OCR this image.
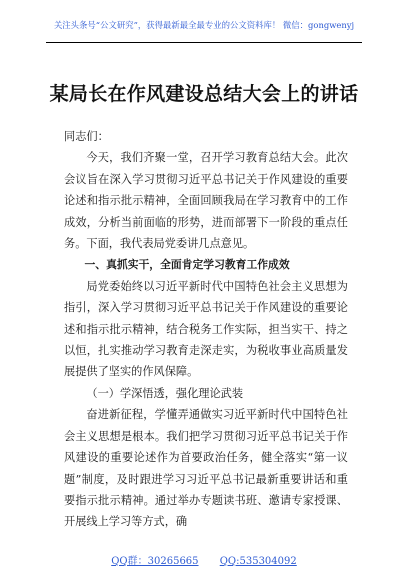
关注头条号“公文研究”，获得最新最全最专业的公文资料库！ 微信：gongwenyj
某局长在作风建设总结大会上的讲话

同志们：

今天，我们齐聚一堂，召开学习教育总结大会。此次会议旨在深入学习贯彻习近平总书记关于作风建设的重要论述和指示批示精神，全面回顾我局在学习教育中的工作成效，分析当前面临的形势，进而部署下一阶段的重点任务。下面，我代表局党委讲几点意见。

一、真抓实干，全面肯定学习教育工作成效

局党委始终以习近平新时代中国特色社会主义思想为指引，深入学习贯彻习近平总书记关于作风建设的重要论述和指示批示精神，结合税务工作实际，担当实干、持之以恒，扎实推动学习教育走深走实，为税收事业高质量发展提供了坚实的作风保障。

（一）学深悟透，强化理论武装

奋进新征程，学懂弄通做实习近平新时代中国特色社会主义思想是根本。我们把学习贯彻习近平总书记关于作风建设的重要论述作为首要政治任务，健全落实“第一议题”制度，及时跟进学习习近平总书记最新重要讲话和重要指示批示精神。通过举办专题读书班、邀请专家授课、开展线上学习等方式，确

QQ群：30265665 QQ:535304092
